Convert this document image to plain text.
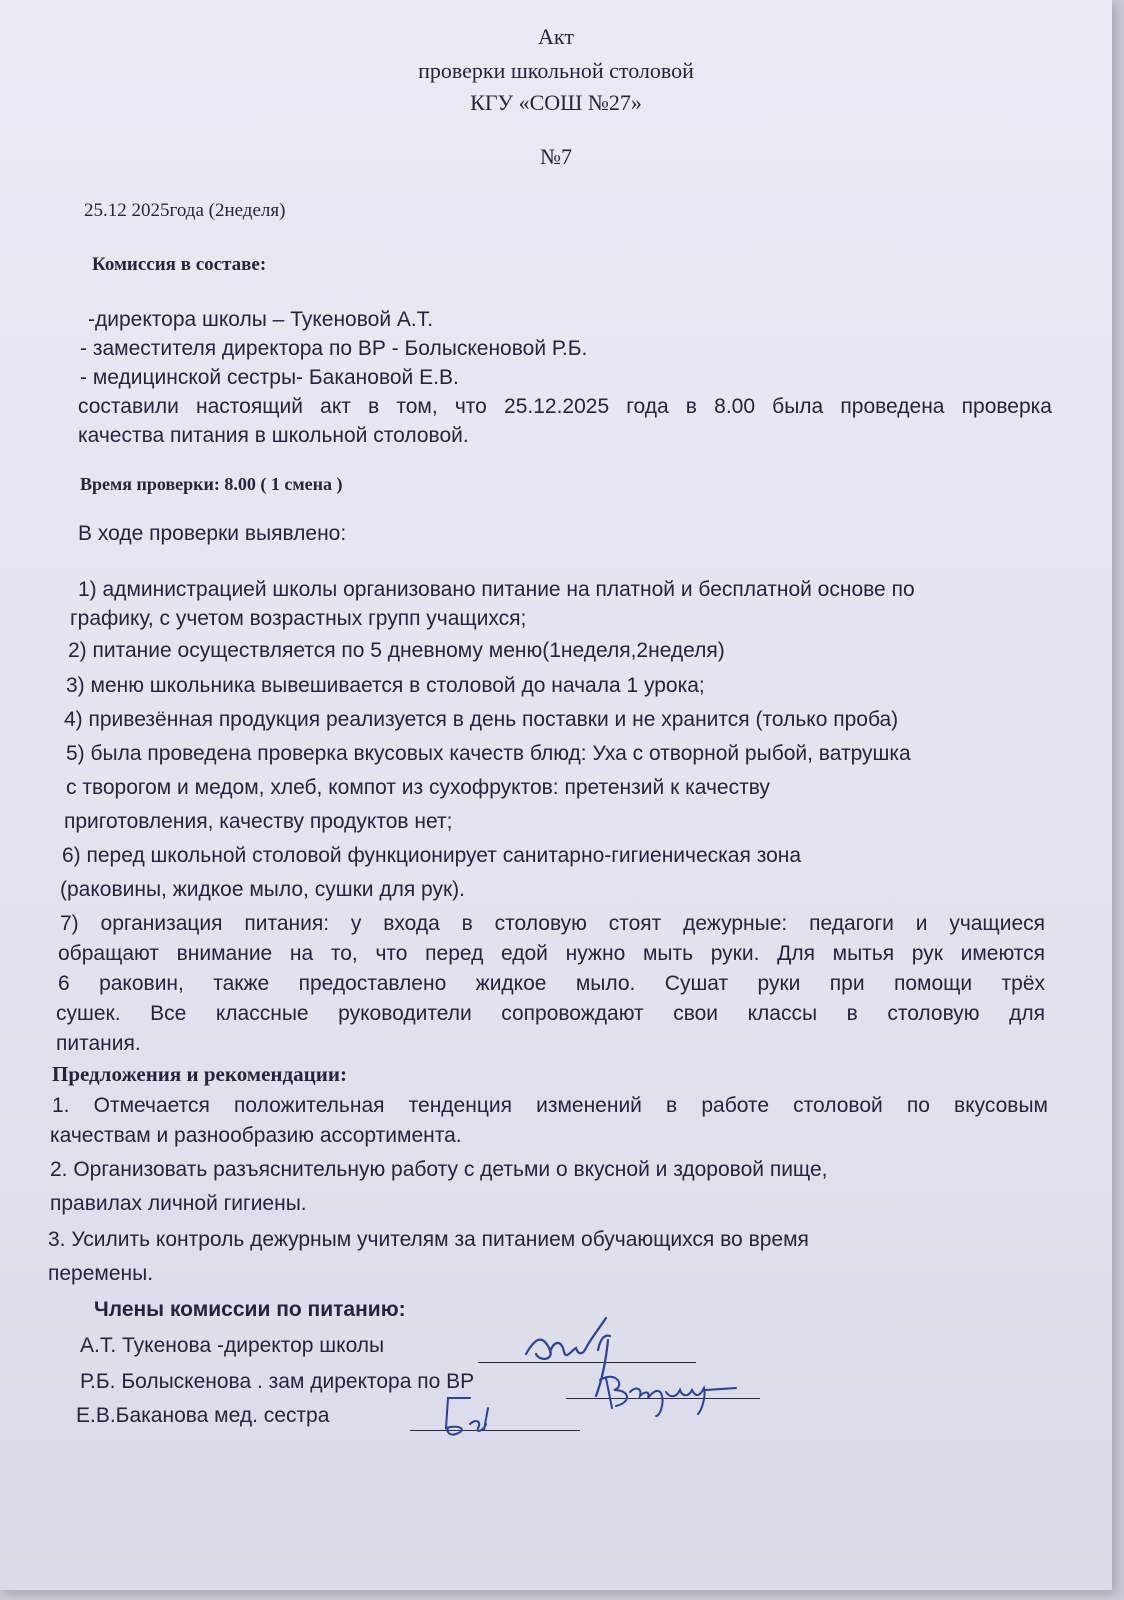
Акт
проверки школьной столовой
КГУ «СОШ №27»
№7
25.12 2025года (2неделя)
Комиссия в составе:
-директора школы – Тукеновой А.Т.
- заместителя директора по ВР - Болыскеновой Р.Б.
- медицинской сестры- Бакановой Е.В.
составили настоящий акт в том, что 25.12.2025 года в 8.00 была проведена проверка
качества питания в школьной столовой.
Время проверки: 8.00 ( 1 смена )
В ходе проверки выявлено:
1) администрацией школы организовано питание на платной и бесплатной основе по
графику, с учетом возрастных групп учащихся;
2) питание осуществляется по 5 дневному меню(1неделя,2неделя)
3) меню школьника вывешивается в столовой до начала 1 урока;
4) привезённая продукция реализуется в день поставки и не хранится (только проба)
5) была проведена проверка вкусовых качеств блюд: Уха с отворной рыбой, ватрушка
с творогом и медом, хлеб, компот из сухофруктов: претензий к качеству
приготовления, качеству продуктов нет;
6) перед школьной столовой функционирует санитарно-гигиеническая зона
(раковины, жидкое мыло, сушки для рук).
7) организация питания: у входа в столовую стоят дежурные: педагоги и учащиеся
обращают внимание на то, что перед едой нужно мыть руки. Для мытья рук имеются
6 раковин, также предоставлено жидкое мыло. Сушат руки при помощи трёх
сушек. Все классные руководители сопровождают свои классы в столовую для
питания.
Предложения и рекомендации:
1. Отмечается положительная тенденция изменений в работе столовой по вкусовым
качествам и разнообразию ассортимента.
2. Организовать разъяснительную работу с детьми о вкусной и здоровой пище,
правилах личной гигиены.
3. Усилить контроль дежурным учителям за питанием обучающихся во время
перемены.
Члены комиссии по питанию:
А.Т. Тукенова -директор школы
Р.Б. Болыскенова . зам директора по ВР
Е.В.Баканова мед. сестра
